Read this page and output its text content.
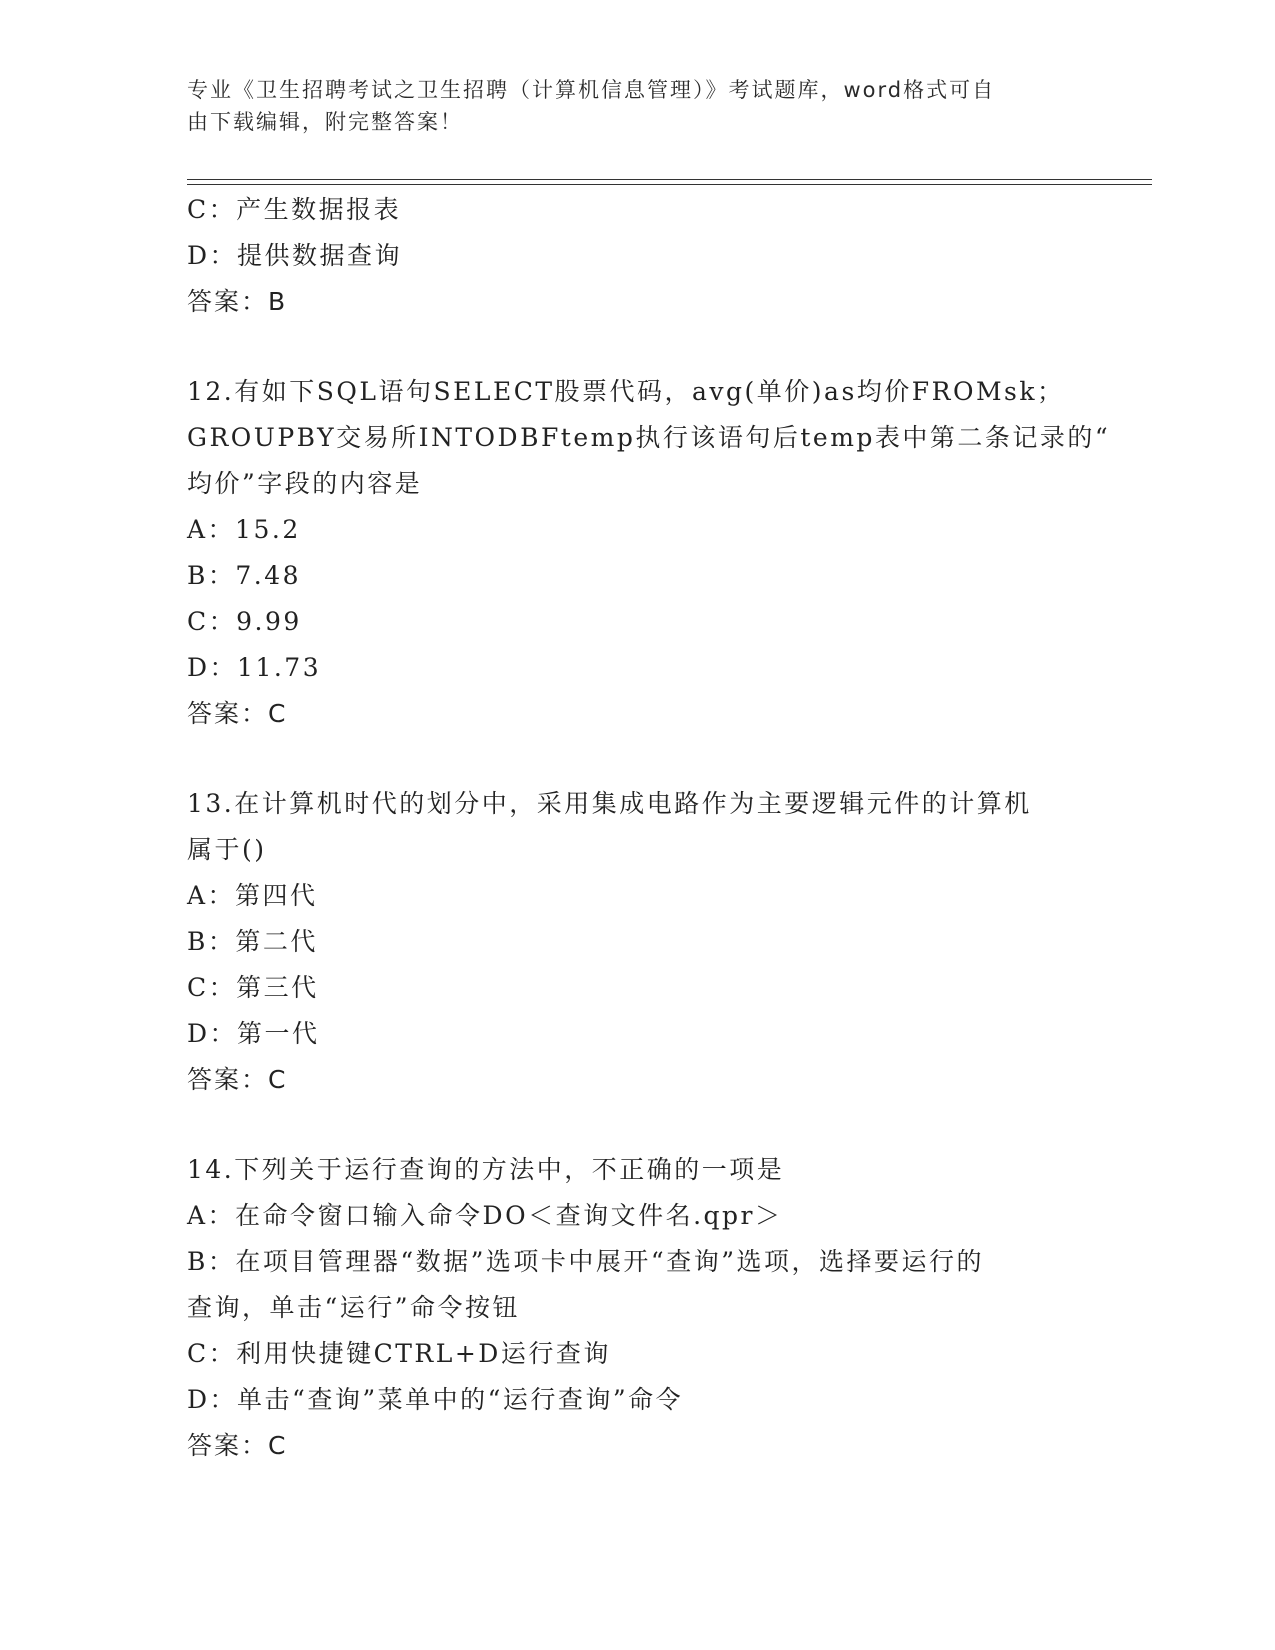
专业《卫生招聘考试之卫生招聘（计算机信息管理）》考试题库，word格式可自
由下载编辑，附完整答案！
C：产生数据报表
D：提供数据查询
答案：B
12.有如下SQL语句SELECT股票代码，avg(单价)as均价FROMsk；
GROUPBY交易所INTODBFtemp执行该语句后temp表中第二条记录的“
均价”字段的内容是
A：15.2
B：7.48
C：9.99
D：11.73
答案：C
13.在计算机时代的划分中，采用集成电路作为主要逻辑元件的计算机
属于()
A：第四代
B：第二代
C：第三代
D：第一代
答案：C
14.下列关于运行查询的方法中，不正确的一项是
A：在命令窗口输入命令DO＜查询文件名.qpr＞
B：在项目管理器“数据”选项卡中展开“查询”选项，选择要运行的
查询，单击“运行”命令按钮
C：利用快捷键CTRL+D运行查询
D：单击“查询”菜单中的“运行查询”命令
答案：C
